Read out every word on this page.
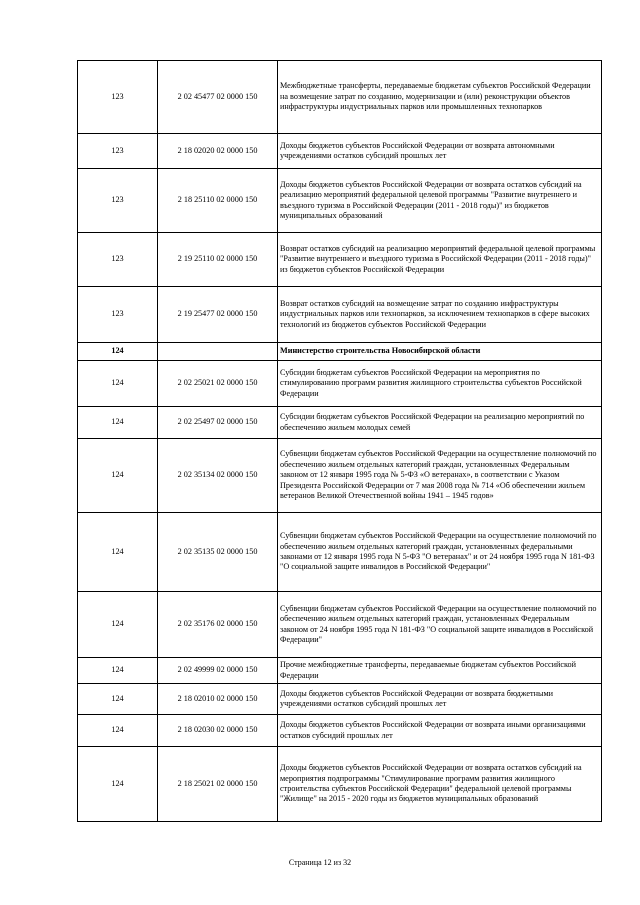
123	2 02 45477 02 0000 150	Межбюджетные трансферты, передаваемые бюджетам субъектов Российской Федерации на возмещение затрат по созданию, модернизации и (или) реконструкции объектов инфраструктуры индустриальных парков или промышленных технопарков
123	2 18 02020 02 0000 150	Доходы бюджетов субъектов Российской Федерации от возврата автономными учреждениями остатков субсидий прошлых лет
123	2 18 25110 02 0000 150	Доходы бюджетов субъектов Российской Федерации от возврата остатков субсидий на реализацию мероприятий федеральной целевой программы "Развитие внутреннего и въездного туризма в Российской Федерации (2011 - 2018 годы)" из бюджетов муниципальных образований
123	2 19 25110 02 0000 150	Возврат остатков субсидий на реализацию мероприятий федеральной целевой программы "Развитие внутреннего и въездного туризма в Российской Федерации (2011 - 2018 годы)" из бюджетов субъектов Российской Федерации
123	2 19 25477 02 0000 150	Возврат остатков субсидий на возмещение затрат по созданию инфраструктуры индустриальных парков или технопарков, за исключением технопарков в сфере высоких технологий из бюджетов субъектов Российской Федерации
124		Министерство строительства Новосибирской области
124	2 02 25021 02 0000 150	Субсидии бюджетам субъектов Российской Федерации на мероприятия по стимулированию программ развития жилищного строительства субъектов Российской Федерации
124	2 02 25497 02 0000 150	Субсидии бюджетам субъектов Российской Федерации на реализацию мероприятий по обеспечению жильем молодых семей
124	2 02 35134 02 0000 150	Субвенции бюджетам субъектов Российской Федерации на осуществление полномочий по обеспечению жильем отдельных категорий граждан, установленных Федеральным законом от 12 января 1995 года № 5-ФЗ «О ветеранах», в соответствии с Указом Президента Российской Федерации от 7 мая 2008 года № 714 «Об обеспечении жильем ветеранов Великой Отечественной войны 1941 – 1945 годов»
124	2 02 35135 02 0000 150	Субвенции бюджетам субъектов Российской Федерации на осуществление полномочий по обеспечению жильем отдельных категорий граждан, установленных федеральными законами от 12 января 1995 года N 5-ФЗ "О ветеранах" и от 24 ноября 1995 года N 181-ФЗ "О социальной защите инвалидов в Российской Федерации"
124	2 02 35176 02 0000 150	Субвенции бюджетам субъектов Российской Федерации на осуществление полномочий по обеспечению жильем отдельных категорий граждан, установленных Федеральным законом от 24 ноября 1995 года N 181-ФЗ "О социальной защите инвалидов в Российской Федерации"
124	2 02 49999 02 0000 150	Прочие межбюджетные трансферты, передаваемые бюджетам субъектов Российской Федерации
124	2 18 02010 02 0000 150	Доходы бюджетов субъектов Российской Федерации от возврата бюджетными учреждениями остатков субсидий прошлых лет
124	2 18 02030 02 0000 150	Доходы бюджетов субъектов Российской Федерации от возврата иными организациями остатков субсидий прошлых лет
124	2 18 25021 02 0000 150	Доходы бюджетов субъектов Российской Федерации от возврата остатков субсидий на мероприятия подпрограммы "Стимулирование программ развития жилищного строительства субъектов Российской Федерации" федеральной целевой программы "Жилище" на 2015 - 2020 годы из бюджетов муниципальных образований
Страница 12 из 32
